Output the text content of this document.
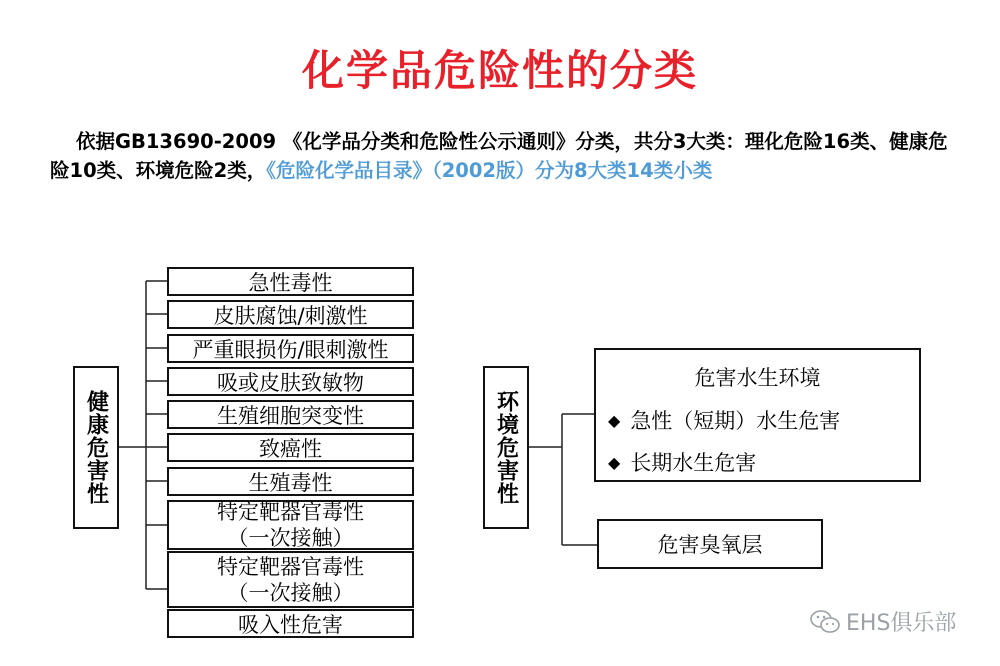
化学品危险性的分类
依据GB13690-2009 《化学品分类和危险性公示通则》分类，共分3大类：理化危险16类、健康危险10类、环境危险2类，《危险化学品目录》（2002版）分为8大类14类小类
健康危害性
急性毒性
皮肤腐蚀/刺激性
严重眼损伤/眼刺激性
吸或皮肤致敏物
生殖细胞突变性
致癌性
生殖毒性
特定靶器官毒性
（一次接触）
特定靶器官毒性
（一次接触）
吸入性危害
环境危害性
危害水生环境
◆ 急性（短期）水生危害
◆ 长期水生危害
危害臭氧层
EHS俱乐部
